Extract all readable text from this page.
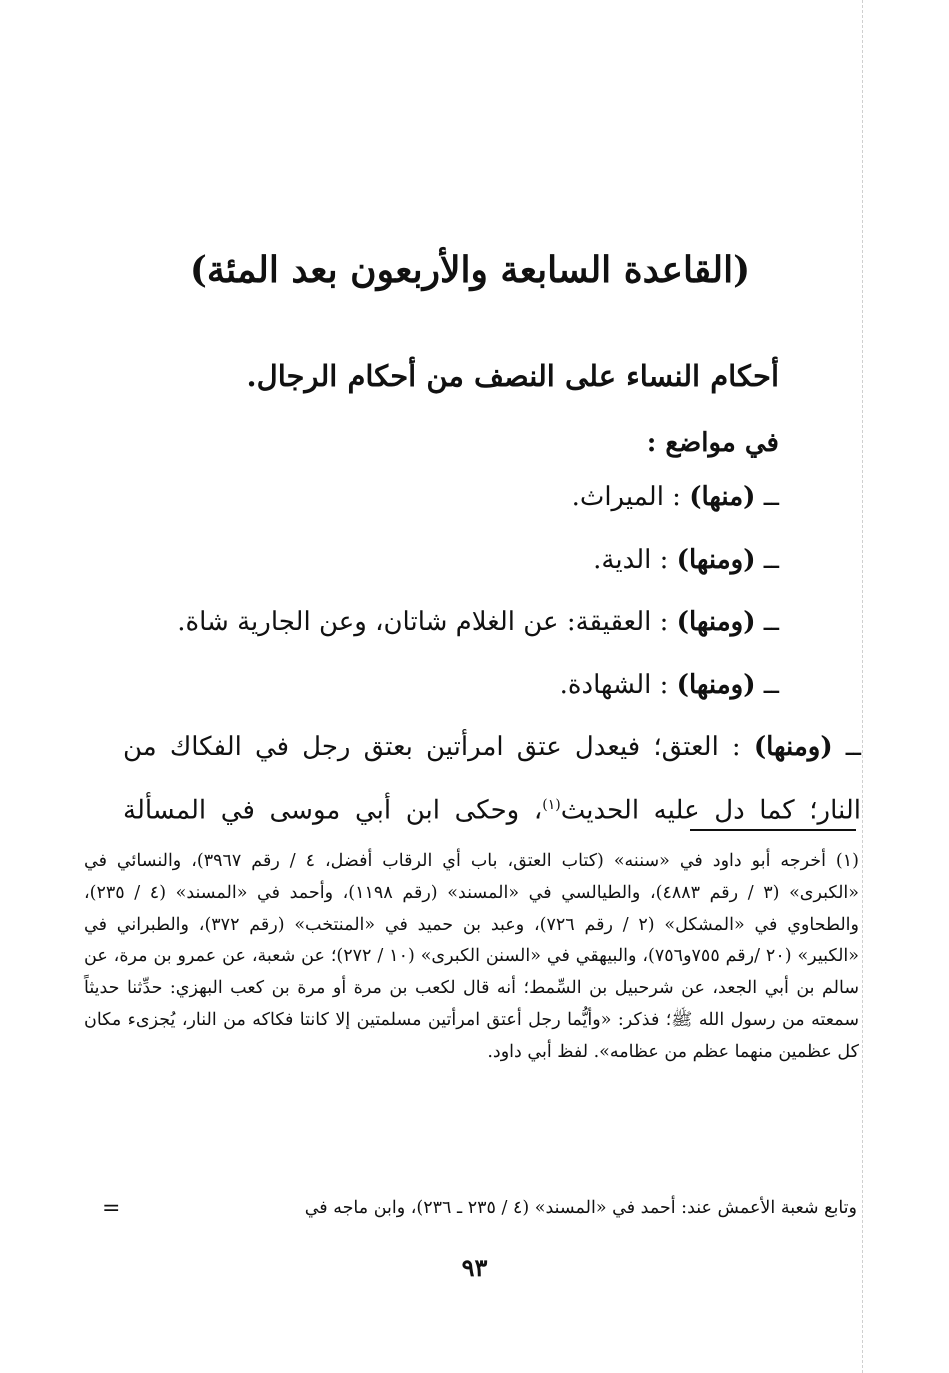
(القاعدة السابعة والأربعون بعد المئة)
أحكام النساء على النصف من أحكام الرجال.
في مواضع :
ــ (منها) : الميراث.
ــ (ومنها) : الدية.
ــ (ومنها) : العقيقة: عن الغلام شاتان، وعن الجارية شاة.
ــ (ومنها) : الشهادة.
ــ (ومنها) : العتق؛ فيعدل عتق امرأتين بعتق رجل في الفكاك من النار؛ كما دل عليه الحديث$^{(١)}$، وحكى ابن أبي موسى في المسألة

(١) أخرجه أبو داود في «سننه» (كتاب العتق، باب أي الرقاب أفضل، ٤ / رقم ٣٩٦٧)، والنسائي في «الكبرى» (٣ / رقم ٤٨٨٣)، والطيالسي في «المسند» (رقم ١١٩٨)، وأحمد في «المسند» (٤ / ٢٣٥)، والطحاوي في «المشكل» (٢ / رقم ٧٢٦)، وعبد بن حميد في «المنتخب» (رقم ٣٧٢)، والطبراني في «الكبير» (٢٠ /رقم ٧٥٥و٧٥٦)، والبيهقي في «السنن الكبرى» (١٠ / ٢٧٢)؛ عن شعبة، عن عمرو بن مرة، عن سالم بن أبي الجعد، عن شرحبيل بن السِّمط؛ أنه قال لكعب بن مرة أو مرة بن كعب البهزي: حدِّثنا حديثاً سمعته من رسول الله ﷺ؛ فذكر: «وأيُّما رجل أعتق امرأتين مسلمتين إلا كانتا فكاكه من النار، يُجزىء مكان كل عظمين منهما عظم من عظامه». لفظ أبي داود.

وتابع شعبة الأعمش عند: أحمد في «المسند» (٤ / ٢٣٥ ـ ٢٣٦)، وابن ماجه في
=
٩٣
